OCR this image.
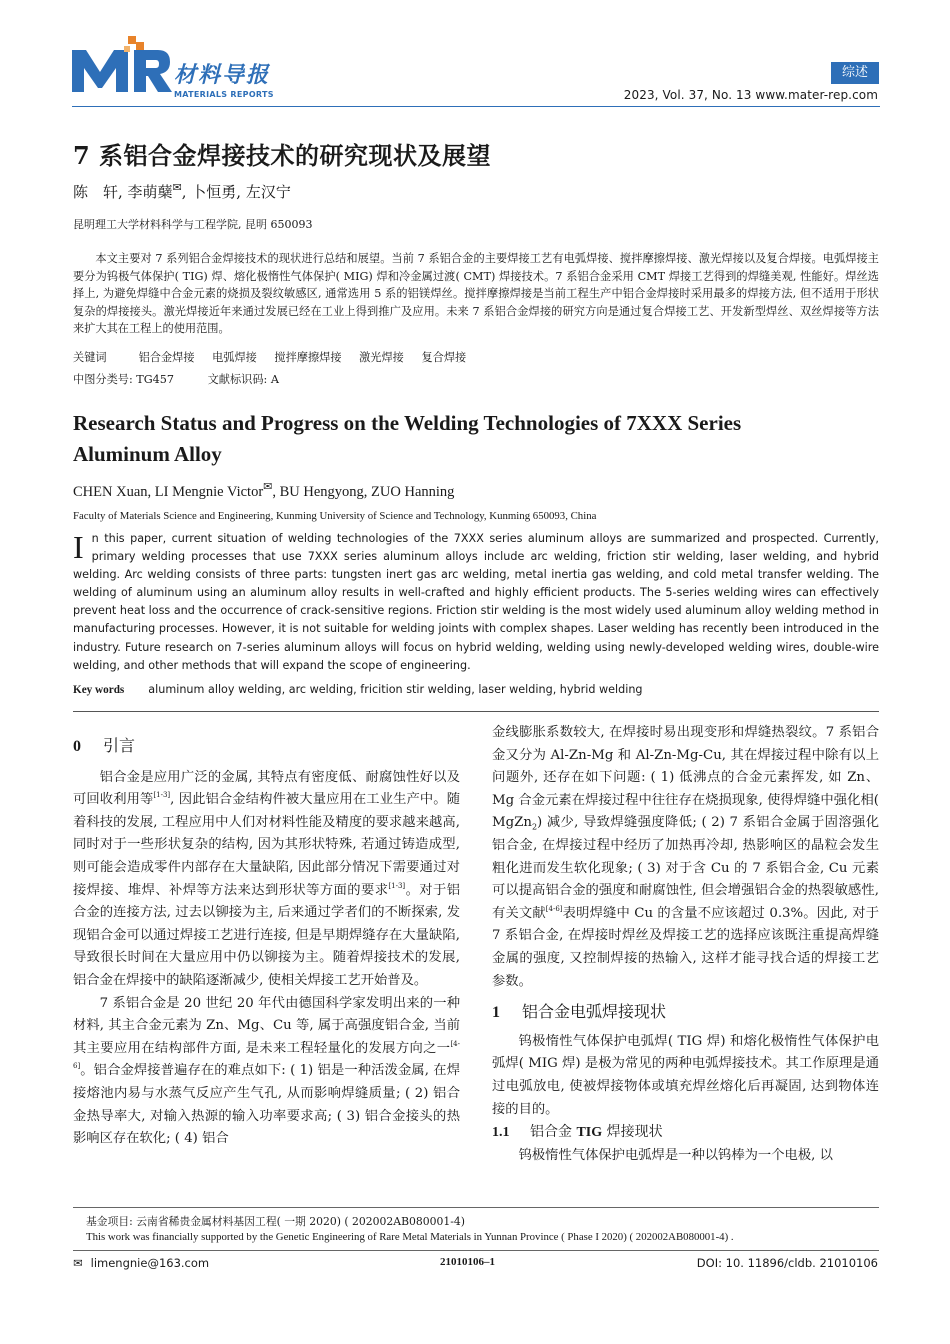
材料导报
MATERIALS REPORTS
综述
2023, Vol. 37, No. 13 www.mater-rep.com
7 系铝合金焊接技术的研究现状及展望
陈　轩, 李萌蘖✉, 卜恒勇, 左汉宁
昆明理工大学材料科学与工程学院, 昆明 650093
本文主要对 7 系列铝合金焊接技术的现状进行总结和展望。当前 7 系铝合金的主要焊接工艺有电弧焊接、搅拌摩擦焊接、激光焊接以及复合焊接。电弧焊接主要分为钨极气体保护( TIG) 焊、熔化极惰性气体保护( MIG) 焊和冷金属过渡( CMT) 焊接技术。7 系铝合金采用 CMT 焊接工艺得到的焊缝美观, 性能好。焊丝选择上, 为避免焊缝中合金元素的烧损及裂纹敏感区, 通常选用 5 系的铝镁焊丝。搅拌摩擦焊接是当前工程生产中铝合金焊接时采用最多的焊接方法, 但不适用于形状复杂的焊接接头。激光焊接近年来通过发展已经在工业上得到推广及应用。未来 7 系铝合金焊接的研究方向是通过复合焊接工艺、开发新型焊丝、双丝焊接等方法来扩大其在工程上的使用范围。
关键词	铝合金焊接 电弧焊接 搅拌摩擦焊接 激光焊接 复合焊接
中图分类号: TG457　　　文献标识码: A
Research Status and Progress on the Welding Technologies of 7XXX Series Aluminum Alloy
CHEN Xuan, LI Mengnie Victor✉, BU Hengyong, ZUO Hanning
Faculty of Materials Science and Engineering, Kunming University of Science and Technology, Kunming 650093, China
In this paper, current situation of welding technologies of the 7XXX series aluminum alloys are summarized and prospected. Currently, primary welding processes that use 7XXX series aluminum alloys include arc welding, friction stir welding, laser welding, and hybrid welding. Arc welding consists of three parts: tungsten inert gas arc welding, metal inertia gas welding, and cold metal transfer welding. The welding of aluminum using an aluminum alloy results in well-crafted and highly efficient products. The 5-series welding wires can effectively prevent heat loss and the occurrence of crack-sensitive regions. Friction stir welding is the most widely used aluminum alloy welding method in manufacturing processes. However, it is not suitable for welding joints with complex shapes. Laser welding has recently been introduced in the industry. Future research on 7-series aluminum alloys will focus on hybrid welding, welding using newly-developed welding wires, double-wire welding, and other methods that will expand the scope of engineering.
Key words aluminum alloy welding, arc welding, fricition stir welding, laser welding, hybrid welding
0 引言

铝合金是应用广泛的金属, 其特点有密度低、耐腐蚀性好以及可回收利用等[1-3], 因此铝合金结构件被大量应用在工业生产中。随着科技的发展, 工程应用中人们对材料性能及精度的要求越来越高, 同时对于一些形状复杂的结构, 因为其形状特殊, 若通过铸造成型, 则可能会造成零件内部存在大量缺陷, 因此部分情况下需要通过对接焊接、堆焊、补焊等方法来达到形状等方面的要求[1-3]。对于铝合金的连接方法, 过去以铆接为主, 后来通过学者们的不断探索, 发现铝合金可以通过焊接工艺进行连接, 但是早期焊缝存在大量缺陷, 导致很长时间在大量应用中仍以铆接为主。随着焊接技术的发展, 铝合金在焊接中的缺陷逐渐减少, 使相关焊接工艺开始普及。

7 系铝合金是 20 世纪 20 年代由德国科学家发明出来的一种材料, 其主合金元素为 Zn、Mg、Cu 等, 属于高强度铝合金, 当前其主要应用在结构部件方面, 是未来工程轻量化的发展方向之一[4-6]。铝合金焊接普遍存在的难点如下: ( 1) 铝是一种活泼金属, 在焊接熔池内易与水蒸气反应产生气孔, 从而影响焊缝质量; ( 2) 铝合金热导率大, 对输入热源的输入功率要求高; ( 3) 铝合金接头的热影响区存在软化; ( 4) 铝合

金线膨胀系数较大, 在焊接时易出现变形和焊缝热裂纹。7 系铝合金又分为 Al-Zn-Mg 和 Al-Zn-Mg-Cu, 其在焊接过程中除有以上问题外, 还存在如下问题: ( 1) 低沸点的合金元素挥发, 如 Zn、Mg 合金元素在焊接过程中往往存在烧损现象, 使得焊缝中强化相( MgZn$_2$) 减少, 导致焊缝强度降低; ( 2) 7 系铝合金属于固溶强化铝合金, 在焊接过程中经历了加热再冷却, 热影响区的晶粒会发生粗化进而发生软化现象; ( 3) 对于含 Cu 的 7 系铝合金, Cu 元素可以提高铝合金的强度和耐腐蚀性, 但会增强铝合金的热裂敏感性, 有关文献[4-6]表明焊缝中 Cu 的含量不应该超过 0.3%。因此, 对于 7 系铝合金, 在焊接时焊丝及焊接工艺的选择应该既注重提高焊缝金属的强度, 又控制焊接的热输入, 这样才能寻找合适的焊接工艺参数。

1 铝合金电弧焊接现状

钨极惰性气体保护电弧焊( TIG 焊) 和熔化极惰性气体保护电弧焊( MIG 焊) 是极为常见的两种电弧焊接技术。其工作原理是通过电弧放电, 使被焊接物体或填充焊丝熔化后再凝固, 达到物体连接的目的。

1.1 铝合金 TIG 焊接现状

钨极惰性气体保护电弧焊是一种以钨棒为一个电极, 以

基金项目: 云南省稀贵金属材料基因工程( 一期 2020) ( 202002AB080001-4)
This work was financially supported by the Genetic Engineering of Rare Metal Materials in Yunnan Province ( Phase I 2020) ( 202002AB080001-4) .
✉ limengnie@163.com	21010106–1	DOI: 10. 11896/cldb. 21010106
